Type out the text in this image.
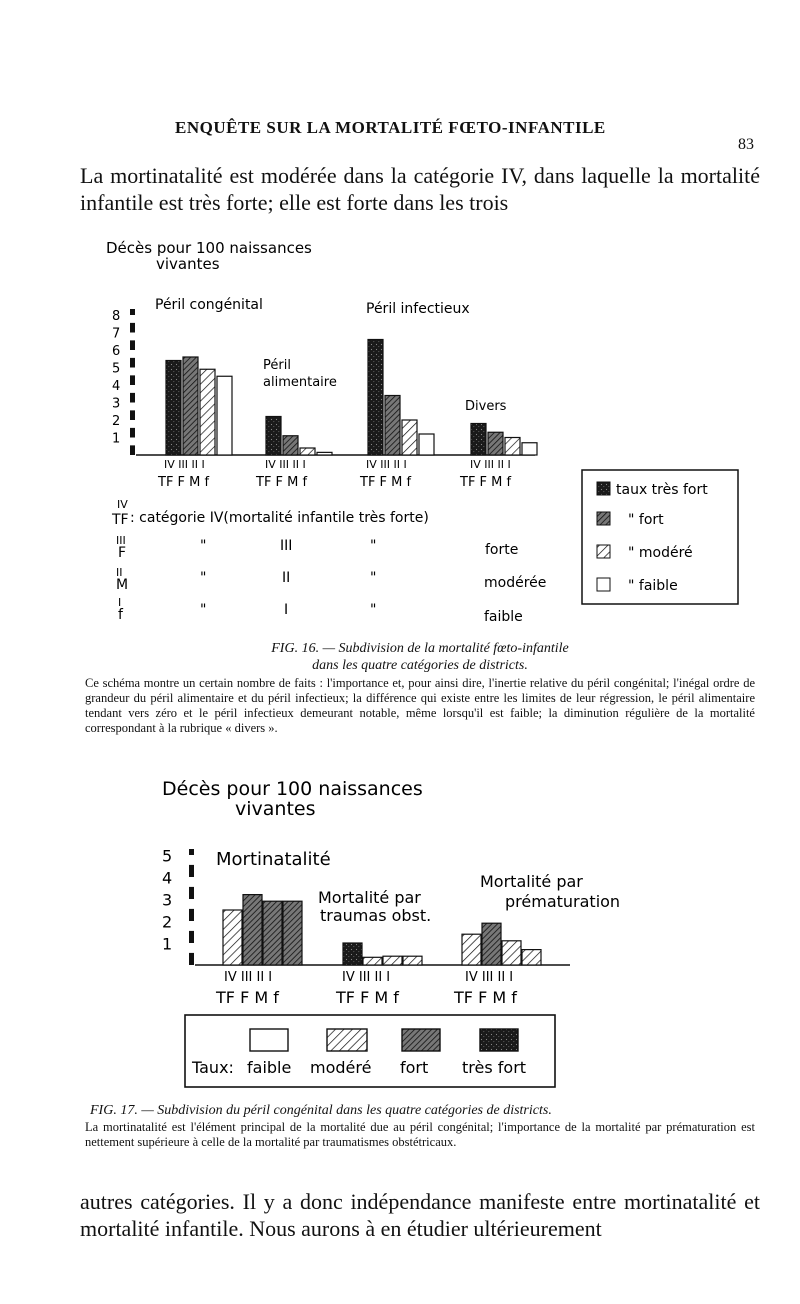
ENQUÊTE SUR LA MORTALITÉ FŒTO-INFANTILE
83
La mortinatalité est modérée dans la catégorie IV, dans laquelle la mortalité infantile est très forte; elle est forte dans les trois
Décès pour 100 naissances
vivantes
8
7
6
5
4
3
2
1
Péril congénital
Péril
alimentaire
Péril infectieux
Divers
IV III II I	IV III II I	IV III II I	IV III II I
TF F M f	TF F M f	TF F M f	TF F M f
IV
TF : catégorie IV(mortalité infantile très forte)
III
F	"	III	"	forte
II
M	"	II	"	modérée
I
f	"	I	"	faible
taux très fort
" fort
" modéré
" faible
FIG. 16. — Subdivision de la mortalité fœto-infantile
dans les quatre catégories de districts.
Ce schéma montre un certain nombre de faits : l'importance et, pour ainsi dire, l'inertie relative du péril congénital; l'inégal ordre de grandeur du péril alimentaire et du péril infectieux; la différence qui existe entre les limites de leur régression, le péril alimentaire tendant vers zéro et le péril infectieux demeurant notable, même lorsqu'il est faible; la diminution régulière de la mortalité correspondant à la rubrique « divers ».
Décès pour 100 naissances
vivantes
5
4
3
2
1
Mortinatalité
Mortalité par
traumas obst.
Mortalité par
prématuration
IV III II I	IV III II I	IV III II I
TF F M f	TF F M f	TF F M f
Taux: faible modéré fort très fort
FIG. 17. — Subdivision du péril congénital dans les quatre catégories de districts.
La mortinatalité est l'élément principal de la mortalité due au péril congénital; l'importance de la mortalité par prématuration est nettement supérieure à celle de la mortalité par traumatismes obstétricaux.
autres catégories. Il y a donc indépendance manifeste entre mortinatalité et mortalité infantile. Nous aurons à en étudier ultérieurement
